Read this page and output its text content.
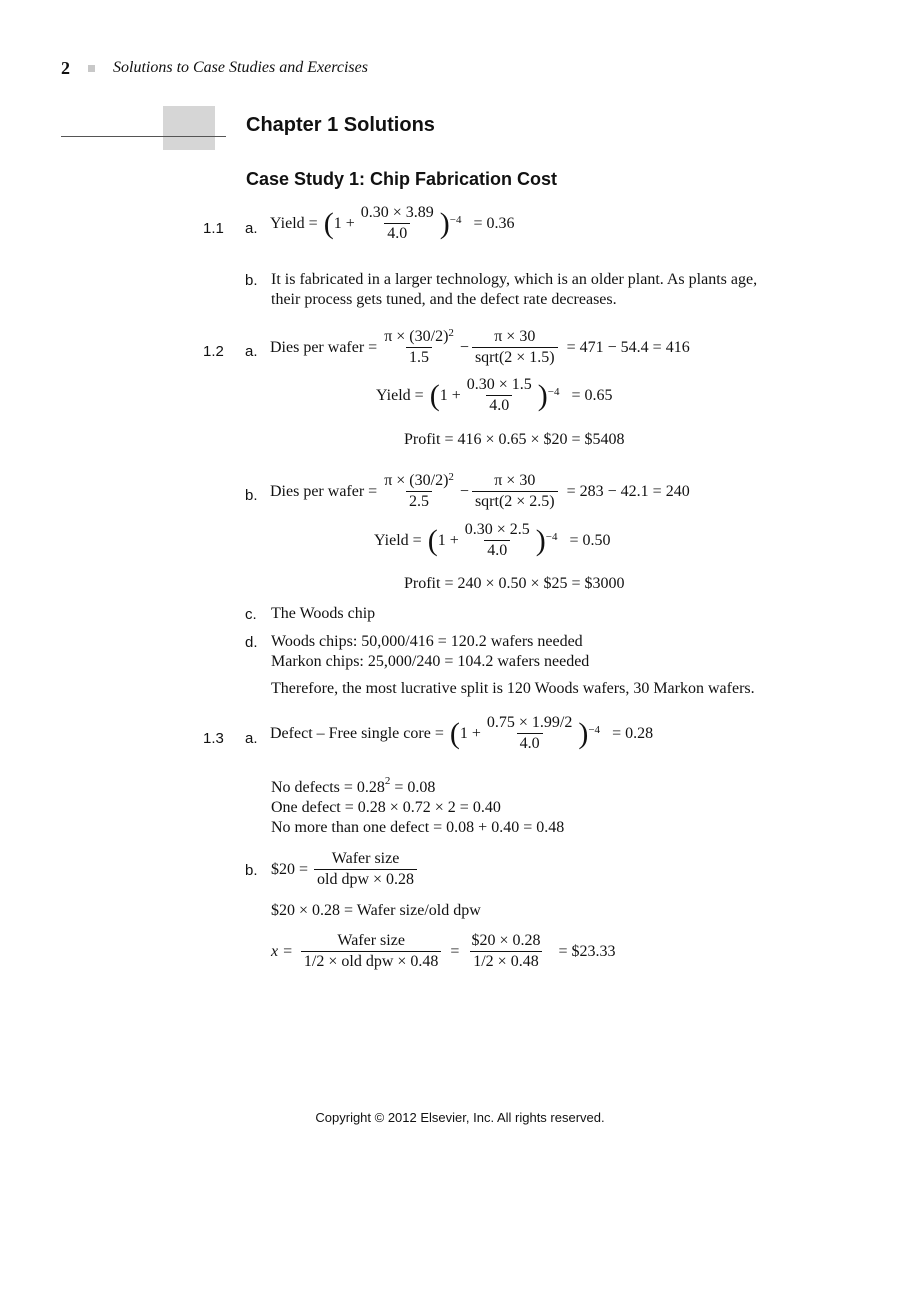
2	Solutions to Case Studies and Exercises
Chapter 1 Solutions
Case Study 1: Chip Fabrication Cost
1.1 a. Yield = ( $1 + \frac{0.30 \times 3.89}{4.0}$ ) −4 = 0.36
b. It is fabricated in a larger technology, which is an older plant. As plants age,
their process gets tuned, and the defect rate decreases.
1.2 a. Dies per wafer = $\frac{\pi \times (30/2)^2}{1.5} - \frac{\pi \times 30}{\text{sqrt(2 × 1.5)}} = 471 - 54.4 = 416$
Yield = ( $1 + \frac{0.30 \times 1.5}{4.0}$ ) −4 = 0.65
Profit = 416 × 0.65 × $20 = $5408
b. Dies per wafer = $\frac{\pi \times (30/2)^2}{2.5} - \frac{\pi \times 30}{\text{sqrt(2 × 2.5)}} = 283 - 42.1 = 240$
Yield = ( $1 + \frac{0.30 \times 2.5}{4.0}$ ) −4 = 0.50
Profit = 240 × 0.50 × $25 = $3000
c. The Woods chip
d. Woods chips: 50,000/416 = 120.2 wafers needed
Markon chips: 25,000/240 = 104.2 wafers needed
Therefore, the most lucrative split is 120 Woods wafers, 30 Markon wafers.
1.3 a. Defect – Free single core = ( $1 + \frac{0.75 \times 1.99/2}{4.0}$ ) −4 = 0.28
No defects = $0.28^2 = 0.08$
One defect = 0.28 × 0.72 × 2 = 0.40
No more than one defect = 0.08 + 0.40 = 0.48
b. $20 = $\frac{\text{Wafer size}}{\text{old dpw × 0.28}}$
$20 × 0.28 = Wafer size/old dpw
$x = \frac{\text{Wafer size}}{\text{1/2 × old dpw × 0.48}} = \frac{\$20 \times 0.28}{1/2 \times 0.48}$ = $23.33
Copyright © 2012 Elsevier, Inc. All rights reserved.
